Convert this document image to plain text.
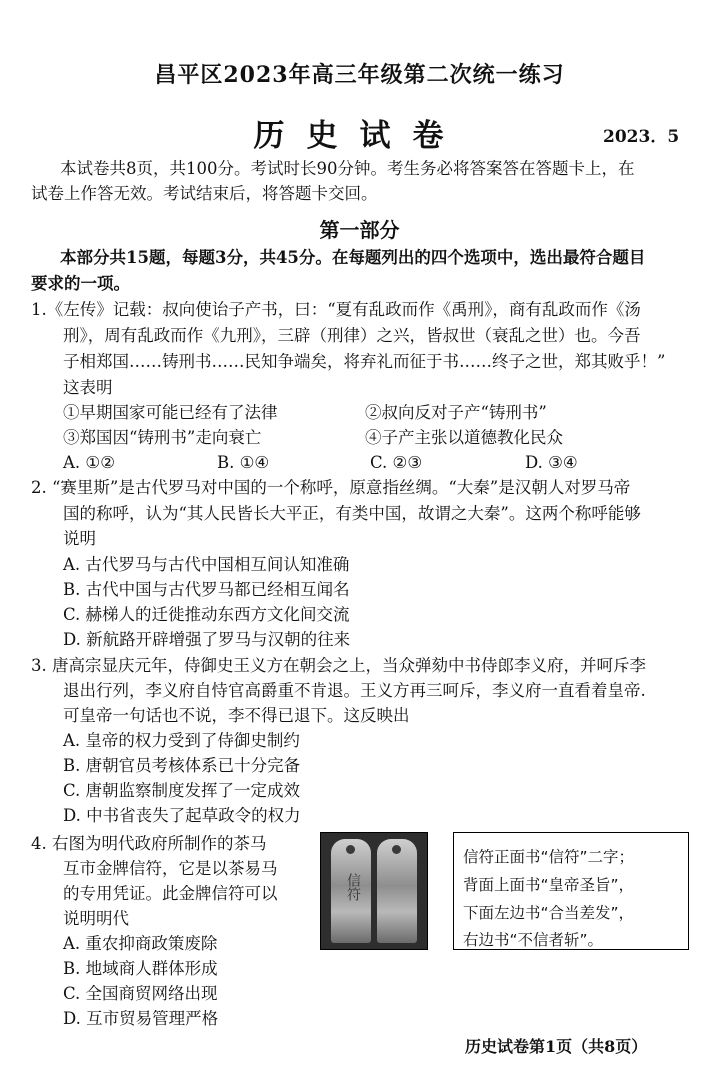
昌平区2023年高三年级第二次统一练习
历史试卷	2023．5
本试卷共8页，共100分。考试时长90分钟。考生务必将答案答在答题卡上，在
试卷上作答无效。考试结束后，将答题卡交回。
第一部分
本部分共15题，每题3分，共45分。在每题列出的四个选项中，选出最符合题目
要求的一项。
1.《左传》记载：叔向使诒子产书，曰：“夏有乱政而作《禹刑》，商有乱政而作《汤
刑》，周有乱政而作《九刑》，三辟（刑律）之兴，皆叔世（衰乱之世）也。今吾
子相郑国……铸刑书……民知争端矣，将弃礼而征于书……终子之世，郑其败乎！”
这表明
①早期国家可能已经有了法律	②叔向反对子产“铸刑书”
③郑国因“铸刑书”走向衰亡	④子产主张以道德教化民众
A. ①②	B. ①④	C. ②③	D. ③④
2. “赛里斯”是古代罗马对中国的一个称呼，原意指丝绸。“大秦”是汉朝人对罗马帝
国的称呼，认为“其人民皆长大平正，有类中国，故谓之大秦”。这两个称呼能够
说明
A. 古代罗马与古代中国相互间认知准确
B. 古代中国与古代罗马都已经相互闻名
C. 赫梯人的迁徙推动东西方文化间交流
D. 新航路开辟增强了罗马与汉朝的往来
3. 唐高宗显庆元年，侍御史王义方在朝会之上，当众弹劾中书侍郎李义府，并呵斥李
退出行列，李义府自恃官高爵重不肯退。王义方再三呵斥，李义府一直看着皇帝.
可皇帝一句话也不说，李不得已退下。这反映出
A. 皇帝的权力受到了侍御史制约
B. 唐朝官员考核体系已十分完备
C. 唐朝监察制度发挥了一定成效
D. 中书省丧失了起草政令的权力
4. 右图为明代政府所制作的茶马
互市金牌信符，它是以茶易马
的专用凭证。此金牌信符可以
说明明代
A. 重农抑商政策废除
B. 地域商人群体形成
C. 全国商贸网络出现
D. 互市贸易管理严格
信符
信符正面书“信符”二字；
背面上面书“皇帝圣旨”，
下面左边书“合当差发”，
右边书“不信者斩”。
历史试卷第1页（共8页）
